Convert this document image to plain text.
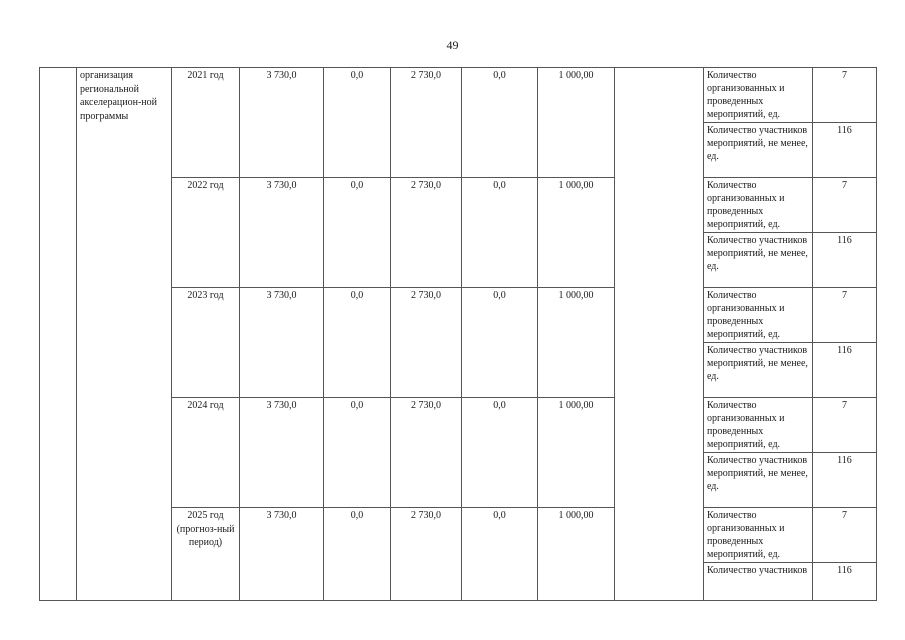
49
	организация региональной акселерацион-ной программы	2021 год	3 730,0	0,0	2 730,0	0,0	1 000,00		Количество организованных и проведенных мероприятий, ед.	7
									Количество участников мероприятий, не менее, ед.	116
		2022 год	3 730,0	0,0	2 730,0	0,0	1 000,00		Количество организованных и проведенных мероприятий, ед.	7
									Количество участников мероприятий, не менее, ед.	116
		2023 год	3 730,0	0,0	2 730,0	0,0	1 000,00		Количество организованных и проведенных мероприятий, ед.	7
									Количество участников мероприятий, не менее, ед.	116
		2024 год	3 730,0	0,0	2 730,0	0,0	1 000,00		Количество организованных и проведенных мероприятий, ед.	7
									Количество участников мероприятий, не менее, ед.	116
		2025 год (прогноз-ный период)	3 730,0	0,0	2 730,0	0,0	1 000,00		Количество организованных и проведенных мероприятий, ед.	7
									Количество участников	116
